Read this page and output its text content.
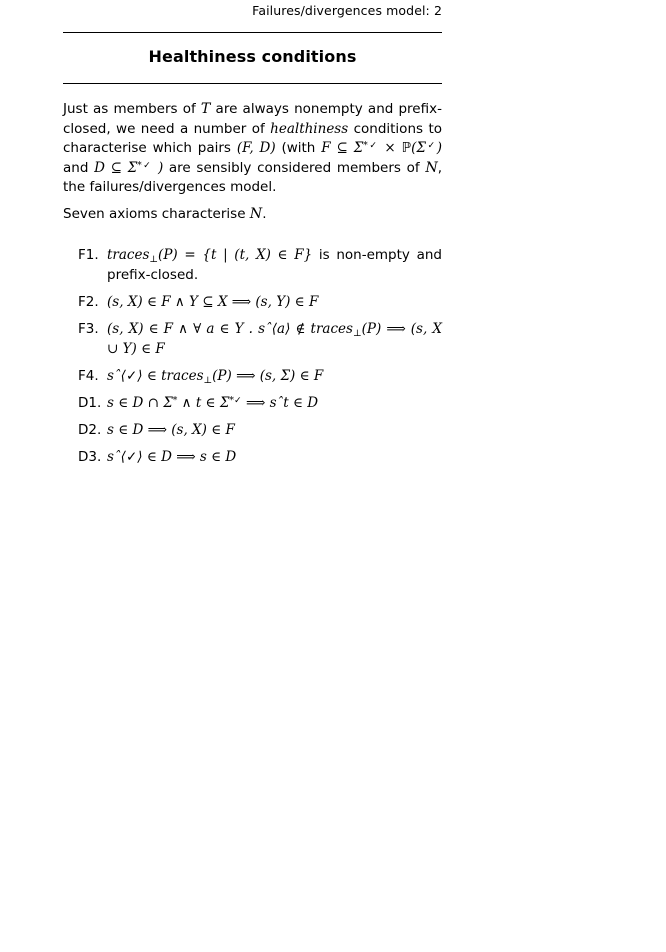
Failures/divergences model: 2
Healthiness conditions

Just as members of T are always nonempty and prefix-closed, we need a number of healthiness conditions to characterise which pairs (F, D) (with F ⊆ Σ*✓ × ℙ(Σ✓) and D ⊆ Σ*✓ ) are sensibly considered members of N, the failures/divergences model.

Seven axioms characterise N.

F1. traces$_\perp$(P) = {t | (t, X) ∈ F} is non-empty and prefix-closed.
F2. (s, X) ∈ F ∧ Y ⊆ X ⟹ (s, Y) ∈ F
F3. (s, X) ∈ F ∧ ∀ a ∈ Y . sˆ⟨a⟩ ∉ traces$_\perp$(P) ⟹ (s, X ∪ Y) ∈ F
F4. sˆ⟨✓⟩ ∈ traces$_\perp$(P) ⟹ (s, Σ) ∈ F
D1. s ∈ D ∩ Σ* ∧ t ∈ Σ*✓ ⟹ sˆt ∈ D
D2. s ∈ D ⟹ (s, X) ∈ F
D3. sˆ⟨✓⟩ ∈ D ⟹ s ∈ D
